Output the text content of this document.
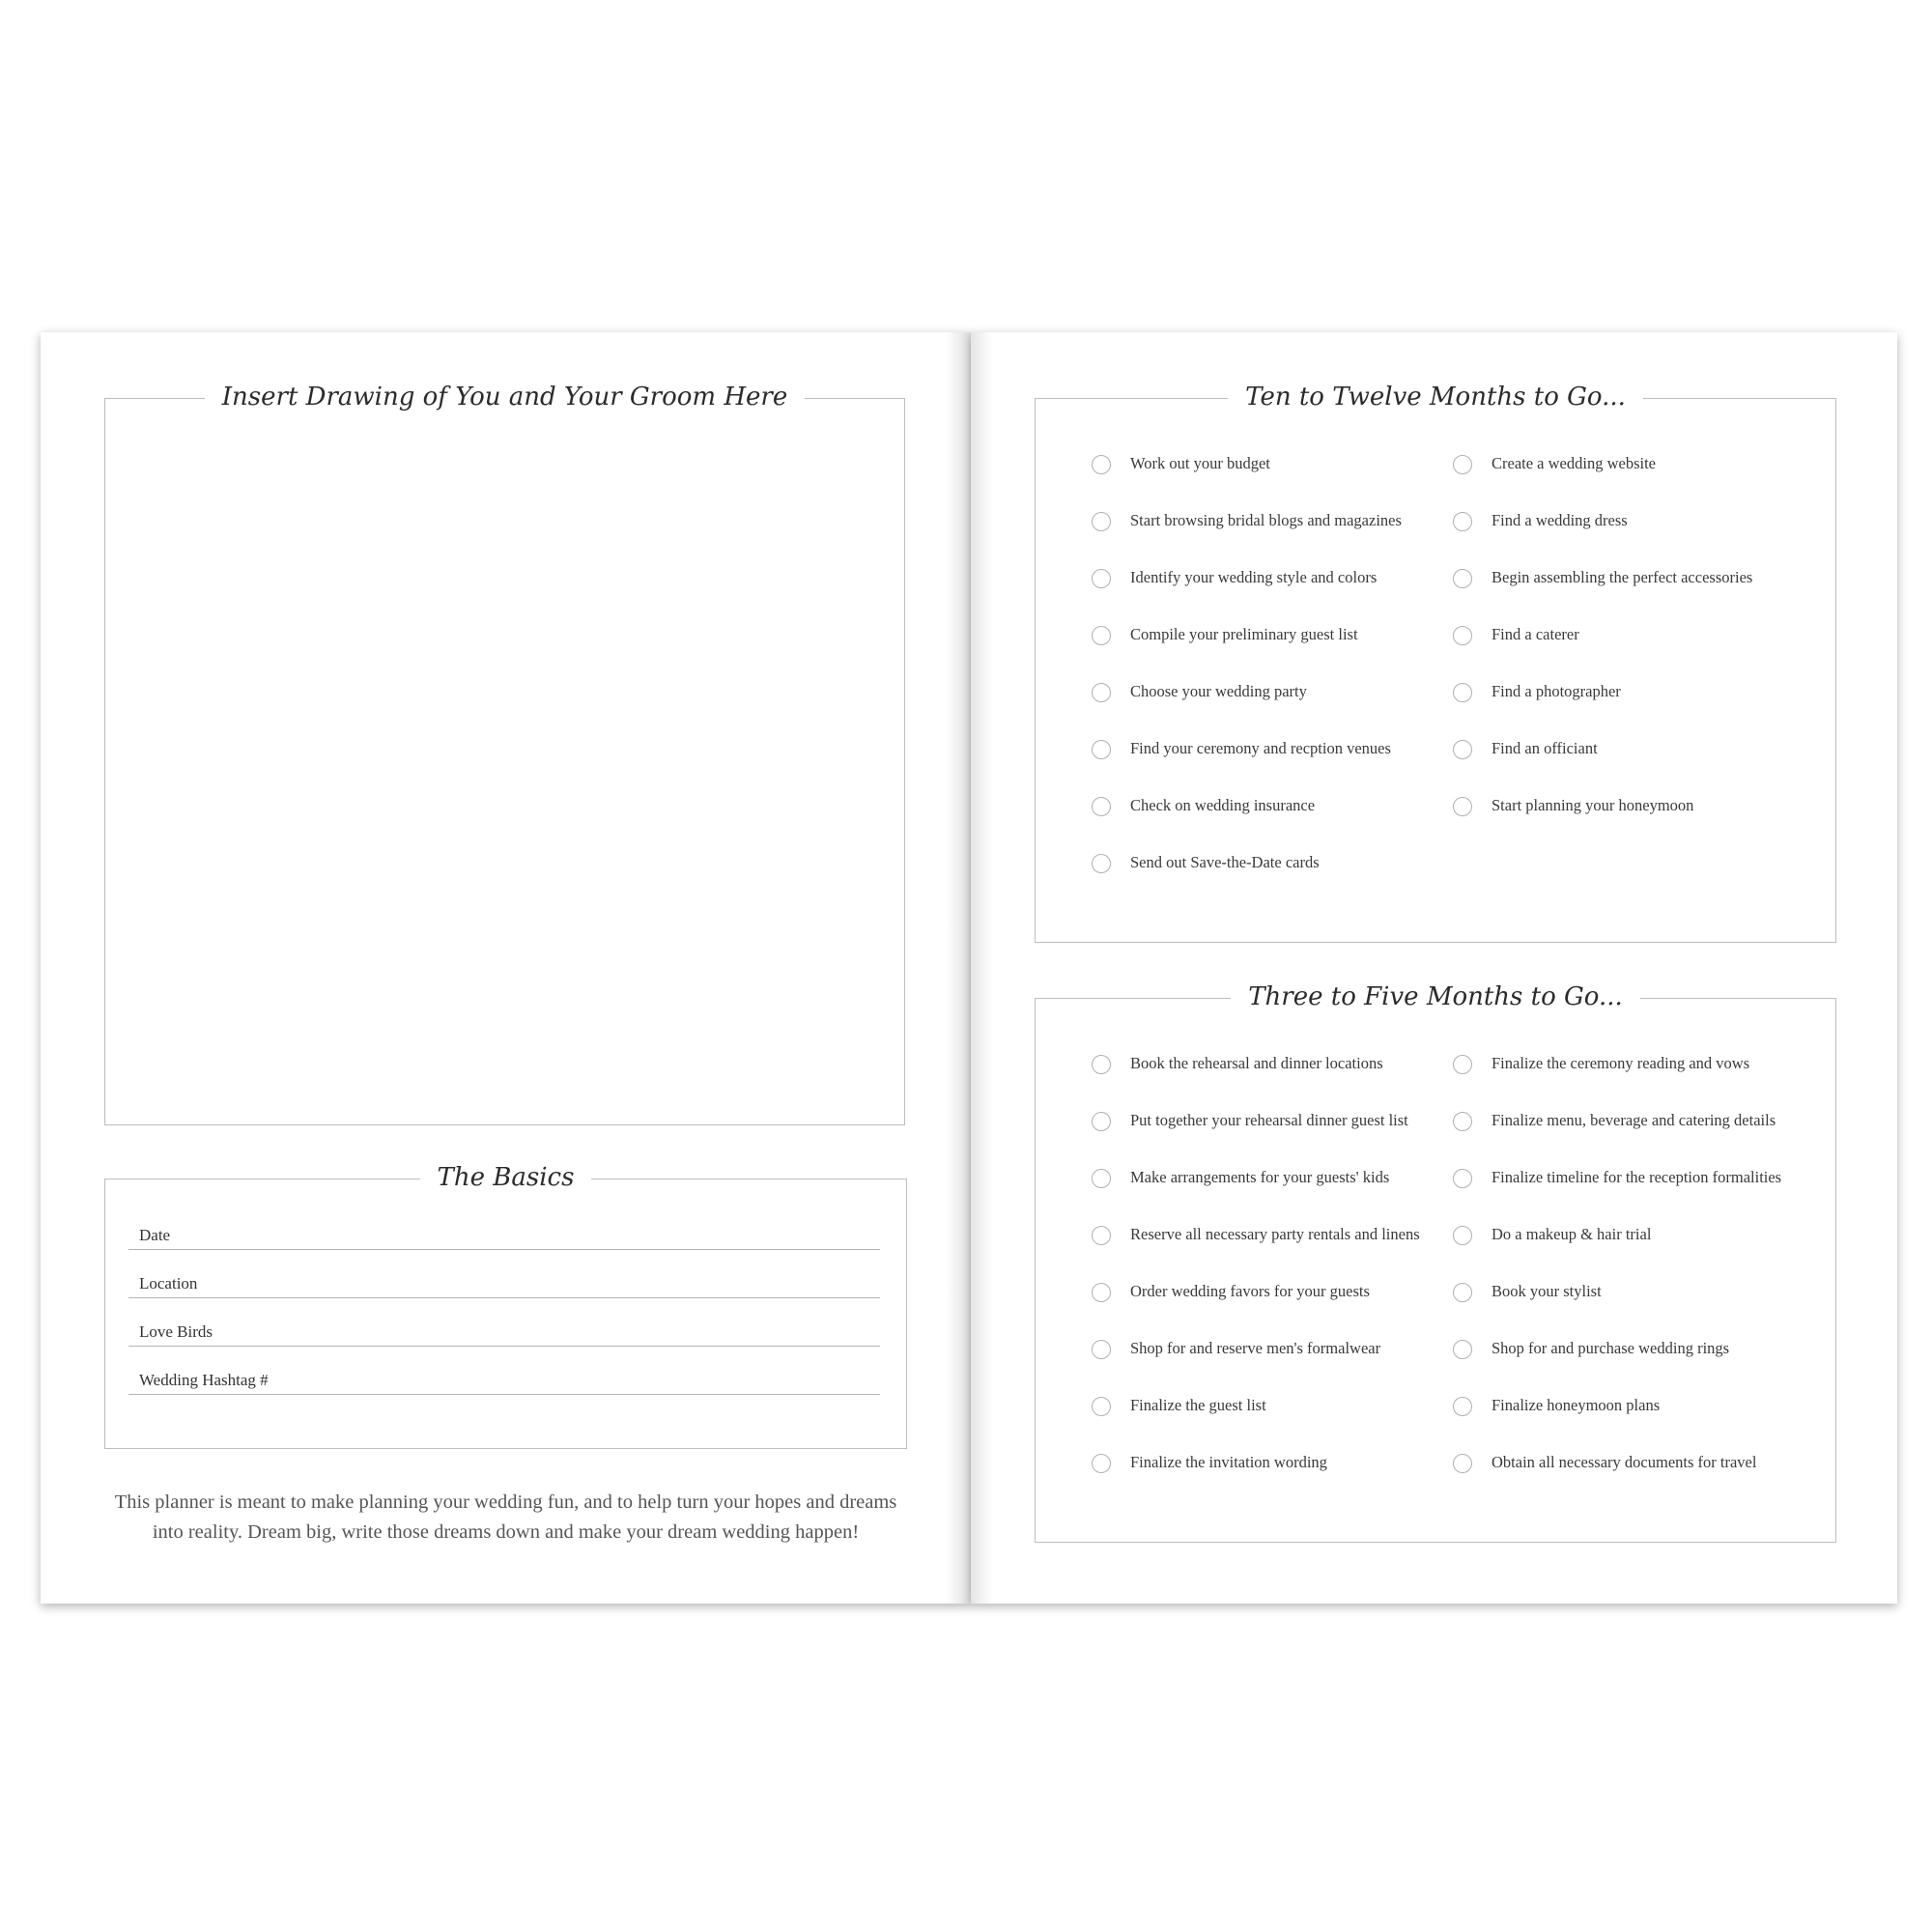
Insert Drawing of You and Your Groom Here
The Basics
Date
Location
Love Birds
Wedding Hashtag #
This planner is meant to make planning your wedding fun, and to help turn your hopes and dreams into reality. Dream big, write those dreams down and make your dream wedding happen!
Ten to Twelve Months to Go...
Work out your budget
Start browsing bridal blogs and magazines
Identify your wedding style and colors
Compile your preliminary guest list
Choose your wedding party
Find your ceremony and recption venues
Check on wedding insurance
Send out Save-the-Date cards
Create a wedding website
Find a wedding dress
Begin assembling the perfect accessories
Find a caterer
Find a photographer
Find an officiant
Start planning your honeymoon
Three to Five Months to Go...
Book the rehearsal and dinner locations
Put together your rehearsal dinner guest list
Make arrangements for your guests' kids
Reserve all necessary party rentals and linens
Order wedding favors for your guests
Shop for and reserve men's formalwear
Finalize the guest list
Finalize the invitation wording
Finalize the ceremony reading and vows
Finalize menu, beverage and catering details
Finalize timeline for the reception formalities
Do a makeup & hair trial
Book your stylist
Shop for and purchase wedding rings
Finalize honeymoon plans
Obtain all necessary documents for travel
